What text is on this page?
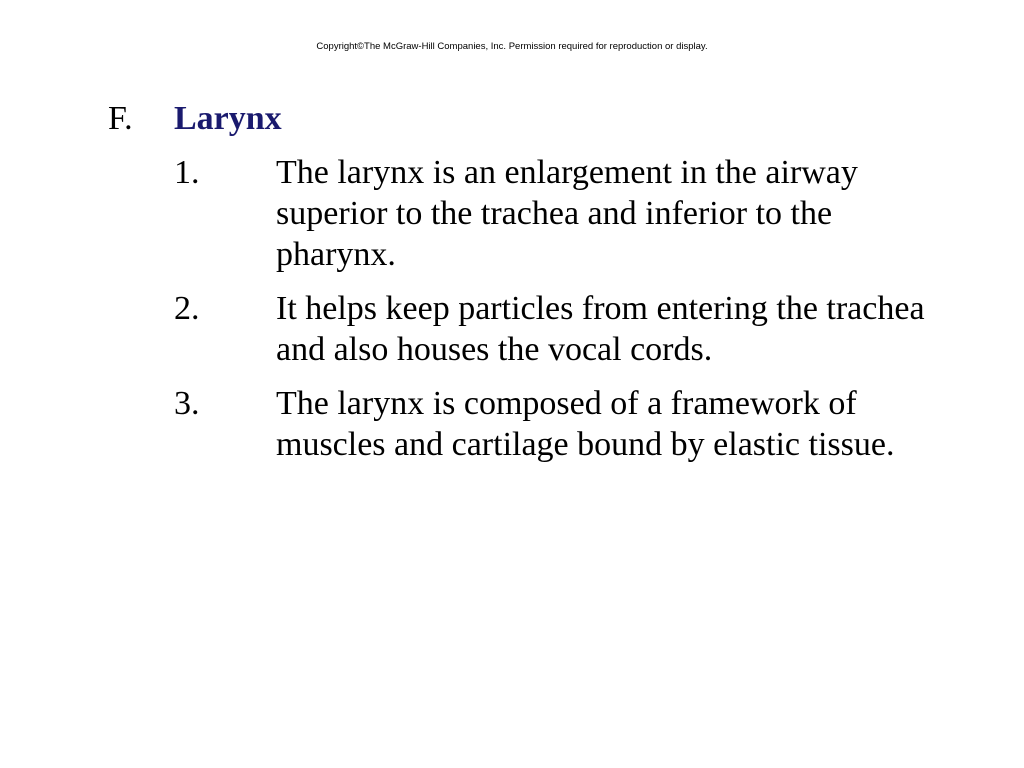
Copyright©The McGraw-Hill Companies, Inc. Permission required for reproduction or display.
F.	Larynx
1.	The larynx is an enlargement in the airway superior to the trachea and inferior to the pharynx.
2.	It helps keep particles from entering the trachea and also houses the vocal cords.
3.	The larynx is composed of a framework of muscles and cartilage bound by elastic tissue.
